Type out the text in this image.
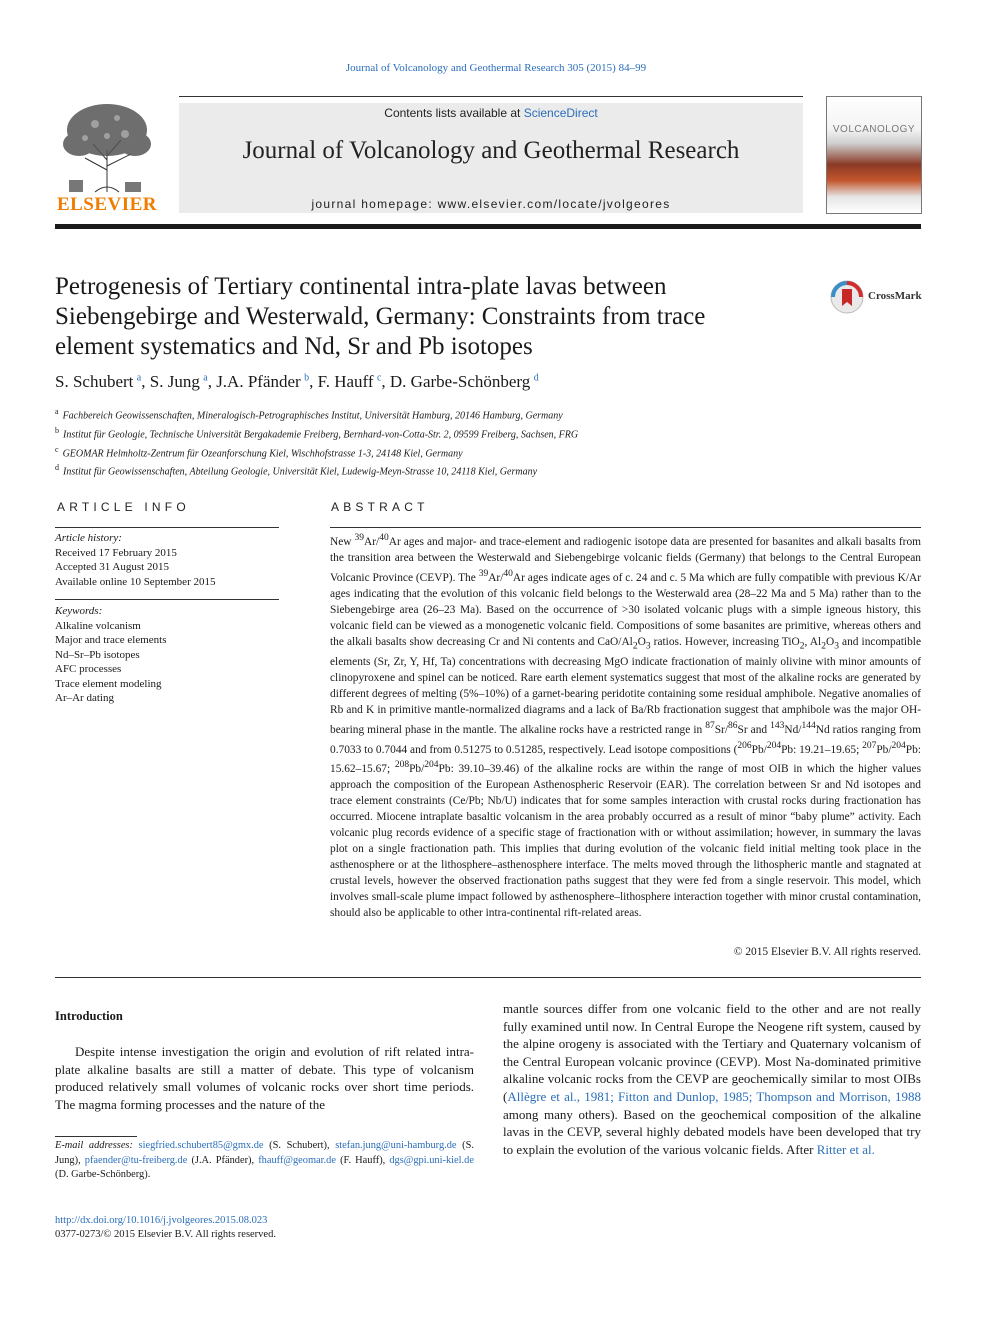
Journal of Volcanology and Geothermal Research 305 (2015) 84–99
ELSEVIER
Contents lists available at ScienceDirect
Journal of Volcanology and Geothermal Research
journal homepage: www.elsevier.com/locate/jvolgeores
VOLCANOLOGY
Petrogenesis of Tertiary continental intra-plate lavas between Siebengebirge and Westerwald, Germany: Constraints from trace element systematics and Nd, Sr and Pb isotopes
CrossMark
S. Schubert  $^a$, S. Jung  $^a$, J.A. Pfänder  $^b$, F. Hauff  $^c$, D. Garbe-Schönberg  $^d$
$^a$ Fachbereich Geowissenschaften, Mineralogisch-Petrographisches Institut, Universität Hamburg, 20146 Hamburg, Germany
$^b$ Institut für Geologie, Technische Universität Bergakademie Freiberg, Bernhard-von-Cotta-Str. 2, 09599 Freiberg, Sachsen, FRG
$^c$ GEOMAR Helmholtz-Zentrum für Ozeanforschung Kiel, Wischhofstrasse 1-3, 24148 Kiel, Germany
$^d$ Institut für Geowissenschaften, Abteilung Geologie, Universität Kiel, Ludewig-Meyn-Strasse 10, 24118 Kiel, Germany
ARTICLE INFO	ABSTRACT
Article history:
Received 17 February 2015
Accepted 31 August 2015
Available online 10 September 2015
Keywords:
Alkaline volcanism
Major and trace elements
Nd–Sr–Pb isotopes
AFC processes
Trace element modeling
Ar–Ar dating
New $^{39}$Ar/$^{40}$Ar ages and major- and trace-element and radiogenic isotope data are presented for basanites and alkali basalts from the transition area between the Westerwald and Siebengebirge volcanic fields (Germany) that belongs to the Central European Volcanic Province (CEVP). The $^{39}$Ar/$^{40}$Ar ages indicate ages of c. 24 and c. 5 Ma which are fully compatible with previous K/Ar ages indicating that the evolution of this volcanic field belongs to the Westerwald area (28–22 Ma and 5 Ma) rather than to the Siebengebirge area (26–23 Ma). Based on the occurrence of >30 isolated volcanic plugs with a simple igneous history, this volcanic field can be viewed as a monogenetic volcanic field. Compositions of some basanites are primitive, whereas others and the alkali basalts show decreasing Cr and Ni contents and CaO/$Al_2O_3$ ratios. However, increasing TiO$_2$, $Al_2O_3$ and incompatible elements (Sr, Zr, Y, Hf, Ta) concentrations with decreasing MgO indicate fractionation of mainly olivine with minor amounts of clinopyroxene and spinel can be noticed. Rare earth element systematics suggest that most of the alkaline rocks are generated by different degrees of melting (5%–10%) of a garnet-bearing peridotite containing some residual amphibole. Negative anomalies of Rb and K in primitive mantle-normalized diagrams and a lack of Ba/Rb fractionation suggest that amphibole was the major OH-bearing mineral phase in the mantle. The alkaline rocks have a restricted range in $^{87}$Sr/$^{86}$Sr and $^{143}$Nd/$^{144}$Nd ratios ranging from 0.7033 to 0.7044 and from 0.51275 to 0.51285, respectively. Lead isotope compositions ($^{206}$Pb/$^{204}$Pb: 19.21–19.65; $^{207}$Pb/$^{204}$Pb: 15.62–15.67; $^{208}$Pb/$^{204}$Pb: 39.10–39.46) of the alkaline rocks are within the range of most OIB in which the higher values approach the composition of the European Asthenospheric Reservoir (EAR). The correlation between Sr and Nd isotopes and trace element constraints (Ce/Pb; Nb/U) indicates that for some samples interaction with crustal rocks during fractionation has occurred. Miocene intraplate basaltic volcanism in the area probably occurred as a result of minor “baby plume” activity. Each volcanic plug records evidence of a specific stage of fractionation with or without assimilation; however, in summary the lavas plot on a single fractionation path. This implies that during evolution of the volcanic field initial melting took place in the asthenosphere or at the lithosphere–asthenosphere interface. The melts moved through the lithospheric mantle and stagnated at crustal levels, however the observed fractionation paths suggest that they were fed from a single reservoir. This model, which involves small-scale plume impact followed by asthenosphere–lithosphere interaction together with minor crustal contamination, should also be applicable to other intra-continental rift-related areas.
© 2015 Elsevier B.V. All rights reserved.
Introduction
Despite intense investigation the origin and evolution of rift related intra-plate alkaline basalts are still a matter of debate. This type of volcanism produced relatively small volumes of volcanic rocks over short time periods. The magma forming processes and the nature of the
mantle sources differ from one volcanic field to the other and are not really fully examined until now. In Central Europe the Neogene rift system, caused by the alpine orogeny is associated with the Tertiary and Quaternary volcanism of the Central European volcanic province (CEVP). Most Na-dominated primitive alkaline volcanic rocks from the CEVP are geochemically similar to most OIBs (Allègre et al., 1981; Fitton and Dunlop, 1985; Thompson and Morrison, 1988 among many others). Based on the geochemical composition of the alkaline lavas in the CEVP, several highly debated models have been developed that try to explain the evolution of the various volcanic fields. After Ritter et al.
E-mail addresses: siegfried.schubert85@gmx.de (S. Schubert), stefan.jung@uni-hamburg.de (S. Jung), pfaender@tu-freiberg.de (J.A. Pfänder), fhauff@geomar.de (F. Hauff), dgs@gpi.uni-kiel.de (D. Garbe-Schönberg).
http://dx.doi.org/10.1016/j.jvolgeores.2015.08.023
0377-0273/© 2015 Elsevier B.V. All rights reserved.
